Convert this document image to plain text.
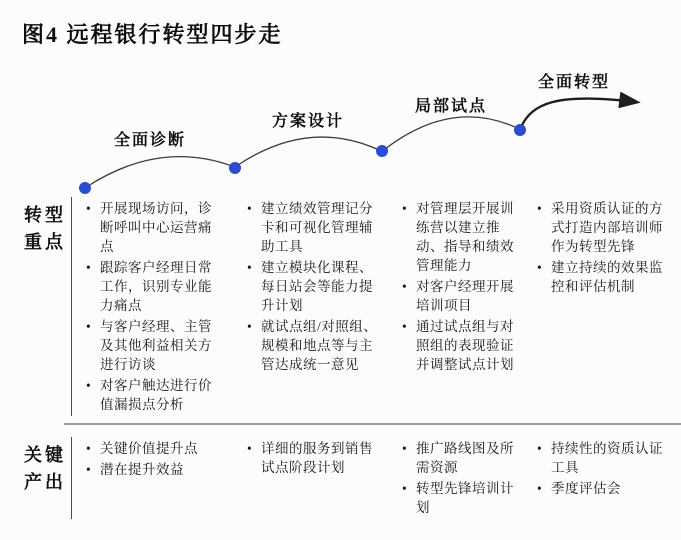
图4 远程银行转型四步走
全面诊断
方案设计
局部试点
全面转型
转型
重点
• 开展现场访问，诊断呼叫中心运营痛点
• 跟踪客户经理日常工作，识别专业能力痛点
• 与客户经理、主管及其他利益相关方进行访谈
• 对客户触达进行价值漏损点分析
• 建立绩效管理记分卡和可视化管理辅助工具
• 建立模块化课程、每日站会等能力提升计划
• 就试点组/对照组、规模和地点等与主管达成统一意见
• 对管理层开展训练营以建立推动、指导和绩效管理能力
• 对客户经理开展培训项目
• 通过试点组与对照组的表现验证并调整试点计划
• 采用资质认证的方式打造内部培训师作为转型先锋
• 建立持续的效果监控和评估机制
关键
产出
• 关键价值提升点
• 潜在提升效益
• 详细的服务到销售试点阶段计划
• 推广路线图及所需资源
• 转型先锋培训计划
• 持续性的资质认证工具
• 季度评估会
